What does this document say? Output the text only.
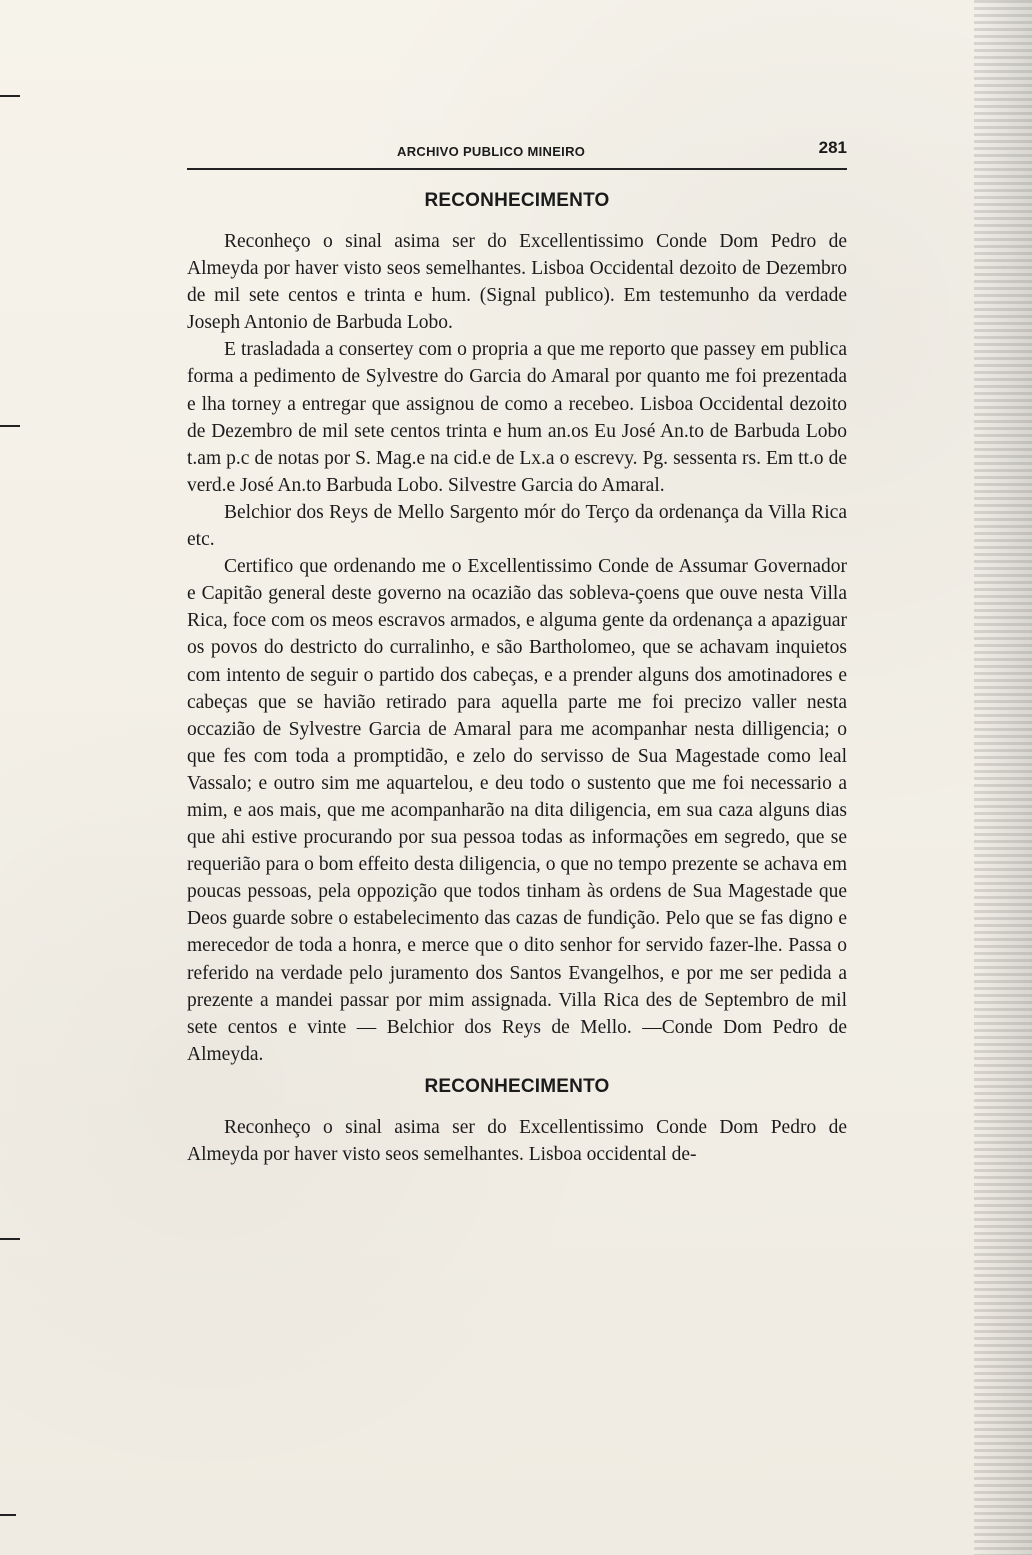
ARCHIVO PUBLICO MINEIRO	281
RECONHECIMENTO

Reconheço o sinal asima ser do Excellentissimo Conde Dom Pedro de Almeyda por haver visto seos semelhantes. Lisboa Occidental dezoito de Dezembro de mil sete centos e trinta e hum. (Signal publico). Em testemunho da verdade Joseph Antonio de Barbuda Lobo.

E trasladada a consertey com o propria a que me reporto que passey em publica forma a pedimento de Sylvestre do Garcia do Amaral por quanto me foi prezentada e lha torney a entregar que assignou de como a recebeo. Lisboa Occidental dezoito de Dezembro de mil sete centos trinta e hum an.os Eu José An.to de Barbuda Lobo t.am p.c de notas por S. Mag.e na cid.e de Lx.a o escrevy. Pg. sessenta rs. Em tt.o de verd.e José An.to Barbuda Lobo. Silvestre Garcia do Amaral.

Belchior dos Reys de Mello Sargento mór do Terço da ordenança da Villa Rica etc.

Certifico que ordenando me o Excellentissimo Conde de Assumar Governador e Capitão general deste governo na ocazião das sobleva-çoens que ouve nesta Villa Rica, foce com os meos escravos armados, e alguma gente da ordenança a apaziguar os povos do destricto do curralinho, e são Bartholomeo, que se achavam inquietos com intento de seguir o partido dos cabeças, e a prender alguns dos amotinadores e cabeças que se havião retirado para aquella parte me foi precizo valler nesta occazião de Sylvestre Garcia de Amaral para me acompanhar nesta dilligencia; o que fes com toda a promptidão, e zelo do servisso de Sua Magestade como leal Vassalo; e outro sim me aquartelou, e deu todo o sustento que me foi necessario a mim, e aos mais, que me acompanharão na dita diligencia, em sua caza alguns dias que ahi estive procurando por sua pessoa todas as informações em segredo, que se requerião para o bom effeito desta diligencia, o que no tempo prezente se achava em poucas pessoas, pela oppozição que todos tinham às ordens de Sua Magestade que Deos guarde sobre o estabelecimento das cazas de fundição. Pelo que se fas digno e merecedor de toda a honra, e merce que o dito senhor for servido fazer-lhe. Passa o referido na verdade pelo juramento dos Santos Evangelhos, e por me ser pedida a prezente a mandei passar por mim assignada. Villa Rica des de Septembro de mil sete centos e vinte — Belchior dos Reys de Mello. —Conde Dom Pedro de Almeyda.

RECONHECIMENTO

Reconheço o sinal asima ser do Excellentissimo Conde Dom Pedro de Almeyda por haver visto seos semelhantes. Lisboa occidental de-
